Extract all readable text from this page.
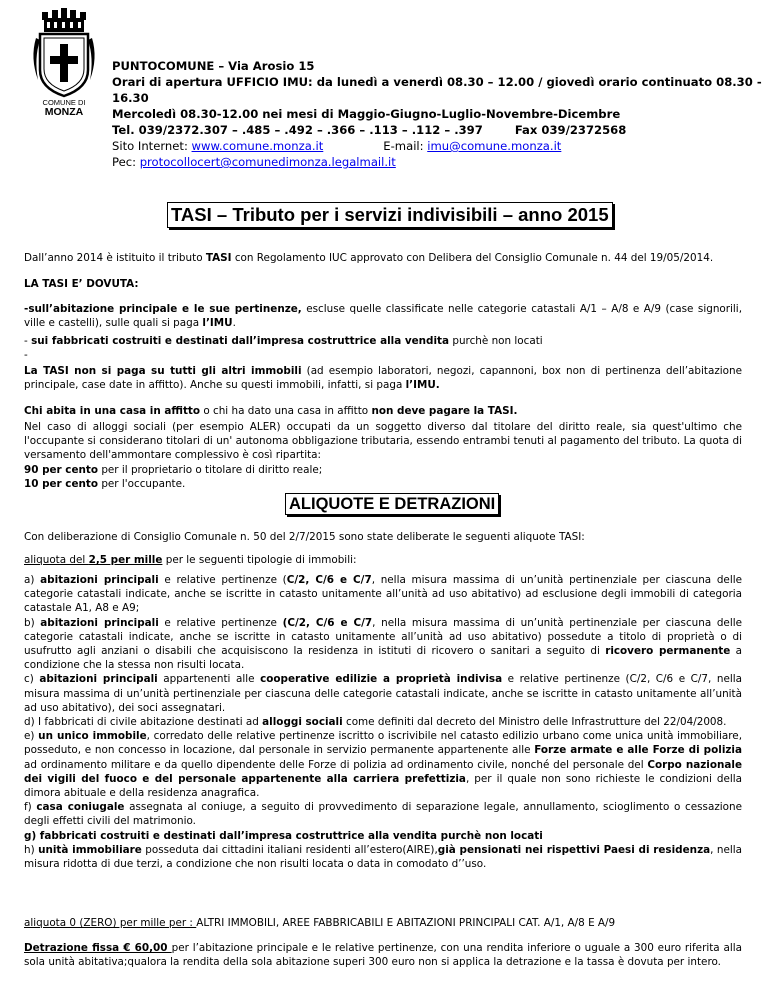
COMUNE DI
MONZA
PUNTOCOMUNE – Via Arosio 15
Orari di apertura UFFICIO IMU: da lunedì a venerdì 08.30 – 12.00 / giovedì orario continuato 08.30 - 16.30
Mercoledì 08.30-12.00 nei mesi di Maggio-Giugno-Luglio-Novembre-Dicembre
Tel. 039/2372.307 – .485 – .492 – .366 – .113 – .112 – .397	Fax 039/2372568
Sito Internet: www.comune.monza.it	E-mail: imu@comune.monza.it
Pec: protocollocert@comunedimonza.legalmail.it
TASI – Tributo per i servizi indivisibili – anno 2015
Dall’anno 2014 è istituito il tributo TASI con Regolamento IUC approvato con Delibera del Consiglio Comunale n. 44 del 19/05/2014.
LA TASI E’ DOVUTA:
-sull’abitazione principale e le sue pertinenze, escluse quelle classificate nelle categorie catastali A/1 – A/8 e A/9 (case signorili, ville e castelli), sulle quali si paga l’IMU.
- sui fabbricati costruiti e destinati dall’impresa costruttrice alla vendita purchè non locati
-
La TASI non si paga su tutti gli altri immobili (ad esempio laboratori, negozi, capannoni, box non di pertinenza dell’abitazione principale, case date in affitto). Anche su questi immobili, infatti, si paga l’IMU.
Chi abita in una casa in affitto o chi ha dato una casa in affitto non deve pagare la TASI.

Nel caso di alloggi sociali (per esempio ALER) occupati da un soggetto diverso dal titolare del diritto reale, sia quest'ultimo che l'occupante si considerano titolari di un' autonoma obbligazione tributaria, essendo entrambi tenuti al pagamento del tributo. La quota di versamento dell'ammontare complessivo è così ripartita:

90 per cento per il proprietario o titolare di diritto reale;

10 per cento per l'occupante.

ALIQUOTE E DETRAZIONI
Con deliberazione di Consiglio Comunale n. 50 del 2/7/2015 sono state deliberate le seguenti aliquote TASI:
aliquota del 2,5 per mille per le seguenti tipologie di immobili:

a) abitazioni principali e relative pertinenze (C/2, C/6 e C/7, nella misura massima di un’unità pertinenziale per ciascuna delle categorie catastali indicate, anche se iscritte in catasto unitamente all’unità ad uso abitativo) ad esclusione degli immobili di categoria catastale A1, A8 e A9;

b) abitazioni principali e relative pertinenze (C/2, C/6 e C/7, nella misura massima di un’unità pertinenziale per ciascuna delle categorie catastali indicate, anche se iscritte in catasto unitamente all’unità ad uso abitativo) possedute a titolo di proprietà o di usufrutto agli anziani o disabili che acquisiscono la residenza in istituti di ricovero o sanitari a seguito di ricovero permanente a condizione che la stessa non risulti locata.

c) abitazioni principali appartenenti alle cooperative edilizie a proprietà indivisa e relative pertinenze (C/2, C/6 e C/7, nella misura massima di un’unità pertinenziale per ciascuna delle categorie catastali indicate, anche se iscritte in catasto unitamente all’unità ad uso abitativo), dei soci assegnatari.

d) I fabbricati di civile abitazione destinati ad alloggi sociali come definiti dal decreto del Ministro delle Infrastrutture del 22/04/2008.

e) un unico immobile, corredato delle relative pertinenze iscritto o iscrivibile nel catasto edilizio urbano come unica unità immobiliare, posseduto, e non concesso in locazione, dal personale in servizio permanente appartenente alle Forze armate e alle Forze di polizia ad ordinamento militare e da quello dipendente delle Forze di polizia ad ordinamento civile, nonché del personale del Corpo nazionale dei vigili del fuoco e del personale appartenente alla carriera prefettizia, per il quale non sono richieste le condizioni della dimora abituale e della residenza anagrafica.

f) casa coniugale assegnata al coniuge, a seguito di provvedimento di separazione legale, annullamento, scioglimento o cessazione degli effetti civili del matrimonio.

g) fabbricati costruiti e destinati dall’impresa costruttrice alla vendita purchè non locati

h) unità immobiliare posseduta dai cittadini italiani residenti all’estero(AIRE),già pensionati nei rispettivi Paesi di residenza, nella misura ridotta di due terzi, a condizione che non risulti locata o data in comodato d’’uso.

aliquota 0 (ZERO) per mille per : ALTRI IMMOBILI, AREE FABBRICABILI E ABITAZIONI PRINCIPALI CAT. A/1, A/8 E A/9
Detrazione fissa € 60,00 per l’abitazione principale e le relative pertinenze, con una rendita inferiore o uguale a 300 euro riferita alla sola unità abitativa;qualora la rendita della sola abitazione superi 300 euro non si applica la detrazione e la tassa è dovuta per intero.
